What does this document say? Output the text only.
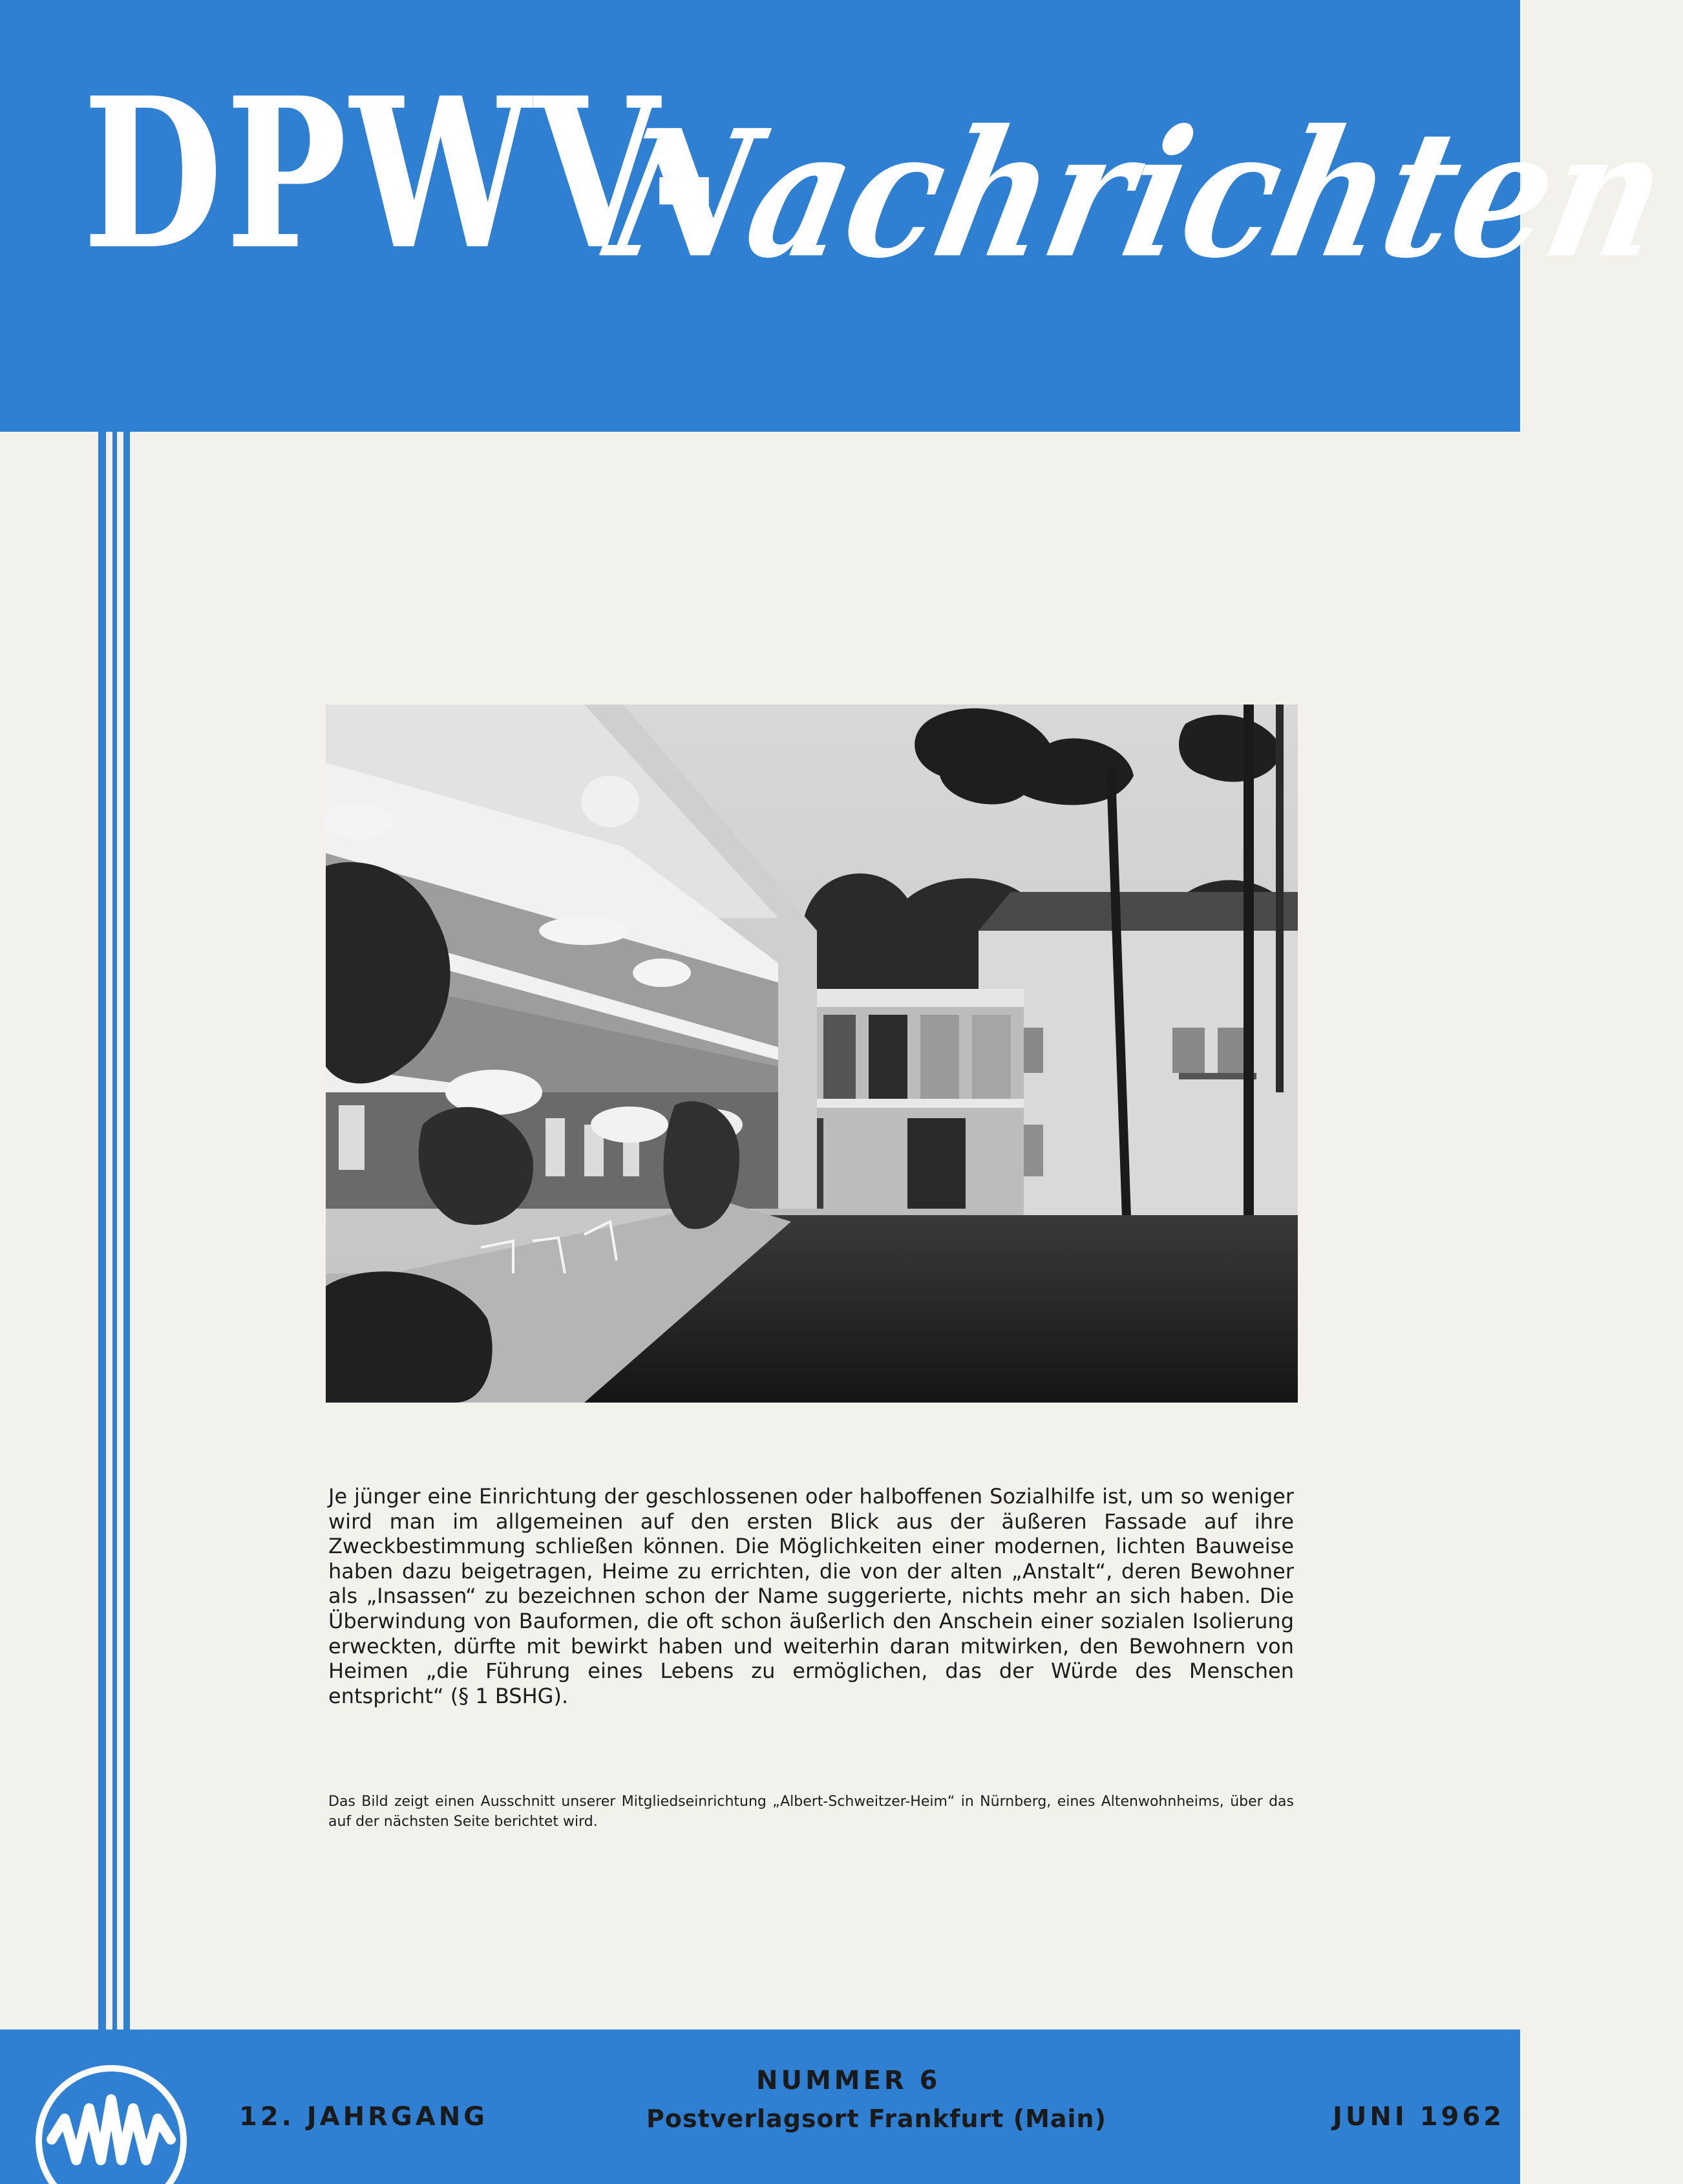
DPWV-
Nachrichten

Je jünger eine Einrichtung der geschlossenen oder halboffenen Sozialhilfe ist, um so weniger wird man im allgemeinen auf den ersten Blick aus der äußeren Fassade auf ihre Zweckbestimmung schließen können. Die Möglichkeiten einer modernen, lichten Bauweise haben dazu beigetragen, Heime zu errichten, die von der alten „Anstalt“, deren Bewohner als „Insassen“ zu bezeichnen schon der Name suggerierte, nichts mehr an sich haben. Die Überwindung von Bauformen, die oft schon äußerlich den Anschein einer sozialen Isolierung erweckten, dürfte mit bewirkt haben und weiterhin daran mitwirken, den Bewohnern von Heimen „die Führung eines Lebens zu ermöglichen, das der Würde des Menschen entspricht“ (§ 1 BSHG).

Das Bild zeigt einen Ausschnitt unserer Mitgliedseinrichtung „Albert-Schweitzer-Heim“ in Nürnberg, eines Altenwohnheims, über das auf der nächsten Seite berichtet wird.

12. JAHRGANG
NUMMER 6
Postverlagsort Frankfurt (Main)	JUNI 1962
